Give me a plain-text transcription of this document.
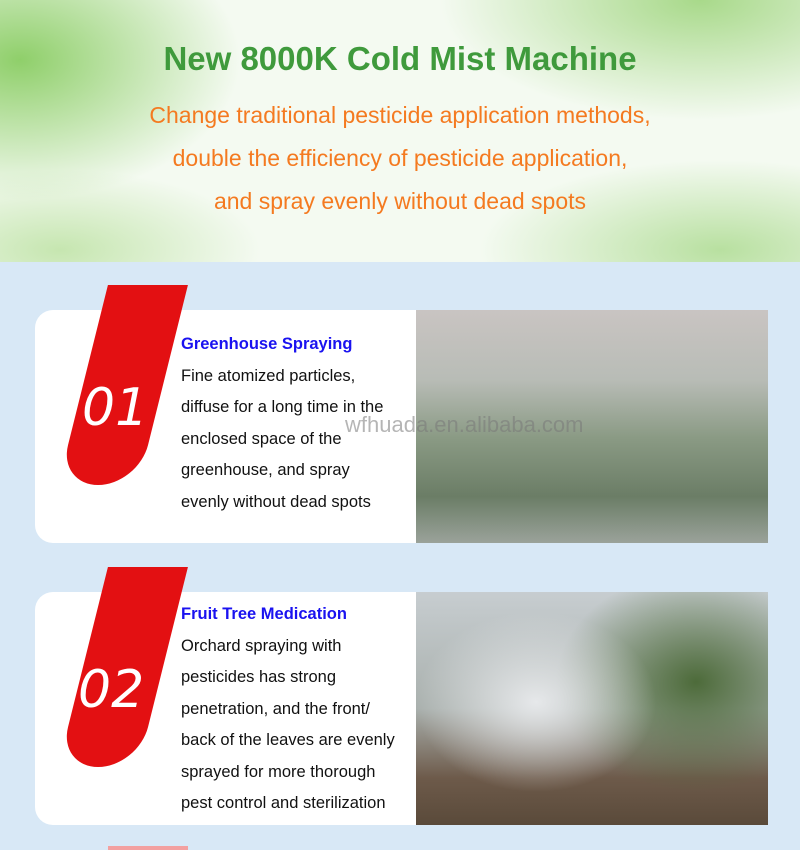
New 8000K Cold Mist Machine
Change traditional pesticide application methods,
double the efficiency of pesticide application,
and spray evenly without dead spots
Greenhouse Spraying
Fine atomized particles,
diffuse for a long time in the
enclosed space of the
greenhouse, and spray
evenly without dead spots
01
Fruit Tree Medication
Orchard spraying with
pesticides has strong
penetration, and the front/
back of the leaves are evenly
sprayed for more thorough
pest control and sterilization
02
wfhuada.en.alibaba.com
